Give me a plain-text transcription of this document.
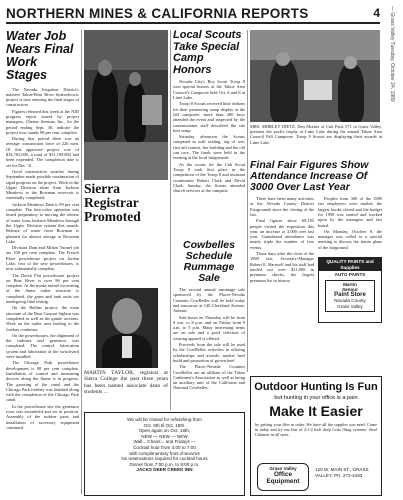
NORTHERN MINES & CALIFORNIA REPORTS	4 — Grass Valley Tuesday, October 24, 1989
Water Job Nears Final Work Stages

The Nevada Irrigation District's massive Tahoe-Bear River hydroelectric project is now entering the final stages of construction.

Figures released this week at the NID progress report issued by project managers, Chester Seeman, Inc., for the period ending Sept. 30, indicate the project now stands 98 per cent complete.

During that period there was an average construction force of 226 men. Of this approved project cost of $34,765,000, a total of $31,189,804 had been expended. The completion date is set for Dec. 31.

Good construction weather during September made possible continuation of rapid progress on the project. Work in the Upper Division alone from Jackson Meadows to the Bowman reservoir is essentially completed.

Jackson Meadows Dam is 99 per cent complete. The face-valve operation was tested preparatory to moving the release of water from Jackson Meadows through the Upper Division system this month. Release of water from Bowman is planned for almost storage at Bowman Lake.

Division Dam and Milton Tunnel job are 100 per cent complete. The French Place powerhouse project on Jordan Lake, first of the new powerhouses, is now substantially complete.

The Dutch Flat powerhouse project on Bear River is over 96 per cent complete. At the intake tunnel excavating of the flume outlet structure is completed, the gates and tank units are undergoing final testing.

On the Rollins project, the main structure of the Bear Canyon Siphon was completed as well as the gunite sections. Work on the outlet area leading to the forebay continues.

On the powerhouses, the alignment of the turbines and generator was completed. The control, lubrication system and fabrication of the switchyard were installed.

The Chicago Park powerhouse development is 98 per cent complete. Installation of control and measuring devices along the flume is in progress. The grouting of the canal and the Chicago Park forebay was finished along with the completion of the Chicago Park canal.

In the powerhouse site the generator rotor was assembled and set in position. Assembly of the turbine parts and installation of accessory equipment continued.

Sierra Registrar Promoted
MARTIN TAYLOR, registrar at Sierra College the past three years has been named associate dean of students ...
Local Scouts Take Special Camp Honors

Nevada City's Boy Scout Troop 8 won special honors at the Tahoe Area Council's Camporee held Oct. 6 and 8 at Lime Lake.

Troop 8 Scouts received blue ribbons for their pioneering camp display at the fall camporee, more than 400 boys attended the event and inspected by the commissioner staff described the site best setup.

Saturday afternoon the Scouts competed in wall scaling, tug of war, first aid contest, fire building and the old can race. The finals were held in the evening at the local fairgrounds.

As the scouts for the Cub Scout Troop 8 took first place in the competition of the Troop 8 and assistant scoutmaster Robert Clark and David Clark. Sunday, the Scouts attended church services at the campsite.

Cowbelles Schedule Rummage Sale

The second annual rummage sale sponsored by the Placer-Nevada Counties CowBelles will be held today and tomorrow at 140 Cleveland Avenue, Auburn.

Sale hours on Thursday will be from 9 a.m. to 8 p.m. and on Friday from 9 a.m. to 5 p.m. Many interesting items are on sale and a good selection of wearing apparel is offered.

Proceeds from the sale will be used by the CowBelles activities in offering scholarships and awards, market beef build and promotion of grown beef.

The Placer-Nevada Counties CowBelles are an affiliate of the Tahoe Cattlemen's Association as well as being an auxiliary unit of the California and National Cowbelles.

We will be closed for refinishing from
Oct. 9th til Oct. 18th.
Open again on Oct. 19th,
NEW — NEW — NEW
Wall... Chairs... and Fridays —
Cocktail hour from 4:00 to 7:00
with complimentary hors d'oeuvres
No reservations required for cocktail hours
Dinner from 7:00 p.m. to 9:00 p.m.
JACKS DEER CREEK INN
MRS. SHIRLEY DIETZ, Den Mother of Cub Pack 571 in Grass Valley, presents the pack's trophy at Lime Lake during the annual Tahoe Area Council Fall Camporee. Troop 8 Scouts are displaying their awards at Lime Lake.
Final Fair Figures Show Attendance Increase Of 3000 Over Last Year

There have been many activities at the Nevada County District Fairgrounds since the closing of the fair.

Final figures show 68,185 people visited the exposition this year, an increase of 3,000 over last year. Grandstand attendance was nearly triple the number of free events.

Those days after the close of the 1989 fair, Secretary-Manager Robert E. Hartwell and his staff had mailed out over $21,000 in premium checks, the largest premium list in history.

Peoples from 300 of the 1989 fair employees were mailed, the largest books closed and the budget for 1990 was started and worked upon by the managers and fair board.

On Monday, October 9, the manager was called to a special meeting to discuss the future plans of the fairground.

QUALITY PAINTS and Supplies
AUTO PAINTS
Martin
Senour
Paint Store
Nevada County
Grass Valley
Outdoor Hunting Is Fun
but hunting in your office is a pain
Make It Easier
by getting your files in order. We have all the supplies you need. Come in today and try our line of 2-1/2 inch deep Leitz filing systems. Steel Cabinets in all sizes.
Grass Valley
Office
Equipment
120 W. MAIN ST., GRASS VALLEY, PH. 273-4293
